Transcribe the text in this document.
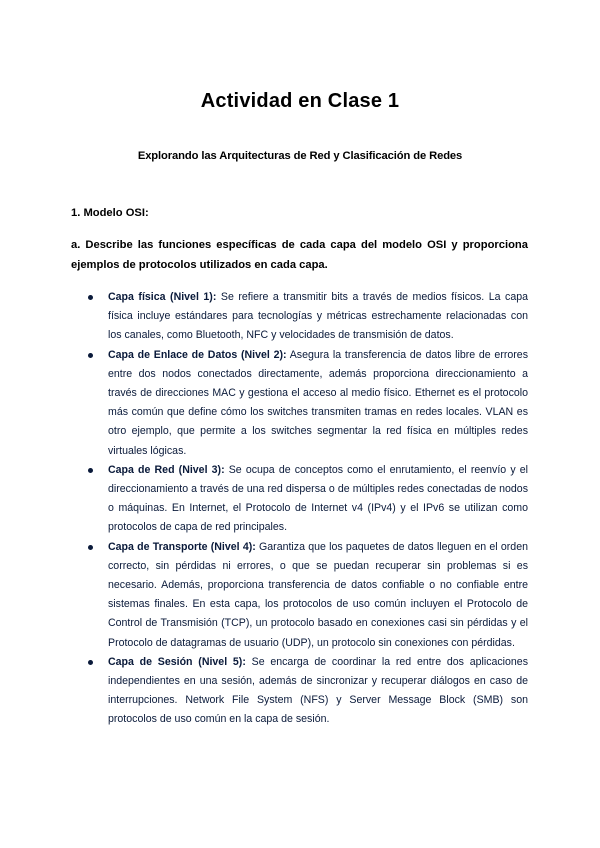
Actividad en Clase 1
Explorando las Arquitecturas de Red y Clasificación de Redes
1. Modelo OSI:
a. Describe las funciones específicas de cada capa del modelo OSI y proporciona ejemplos de protocolos utilizados en cada capa.
Capa física (Nivel 1): Se refiere a transmitir bits a través de medios físicos. La capa física incluye estándares para tecnologías y métricas estrechamente relacionadas con los canales, como Bluetooth, NFC y velocidades de transmisión de datos.
Capa de Enlace de Datos (Nivel 2): Asegura la transferencia de datos libre de errores entre dos nodos conectados directamente, además proporciona direccionamiento a través de direcciones MAC y gestiona el acceso al medio físico. Ethernet es el protocolo más común que define cómo los switches transmiten tramas en redes locales. VLAN es otro ejemplo, que permite a los switches segmentar la red física en múltiples redes virtuales lógicas.
Capa de Red (Nivel 3): Se ocupa de conceptos como el enrutamiento, el reenvío y el direccionamiento a través de una red dispersa o de múltiples redes conectadas de nodos o máquinas. En Internet, el Protocolo de Internet v4 (IPv4) y el IPv6 se utilizan como protocolos de capa de red principales.
Capa de Transporte (Nivel 4): Garantiza que los paquetes de datos lleguen en el orden correcto, sin pérdidas ni errores, o que se puedan recuperar sin problemas si es necesario. Además, proporciona transferencia de datos confiable o no confiable entre sistemas finales. En esta capa, los protocolos de uso común incluyen el Protocolo de Control de Transmisión (TCP), un protocolo basado en conexiones casi sin pérdidas y el Protocolo de datagramas de usuario (UDP), un protocolo sin conexiones con pérdidas.
Capa de Sesión (Nivel 5): Se encarga de coordinar la red entre dos aplicaciones independientes en una sesión, además de sincronizar y recuperar diálogos en caso de interrupciones. Network File System (NFS) y Server Message Block (SMB) son protocolos de uso común en la capa de sesión.
